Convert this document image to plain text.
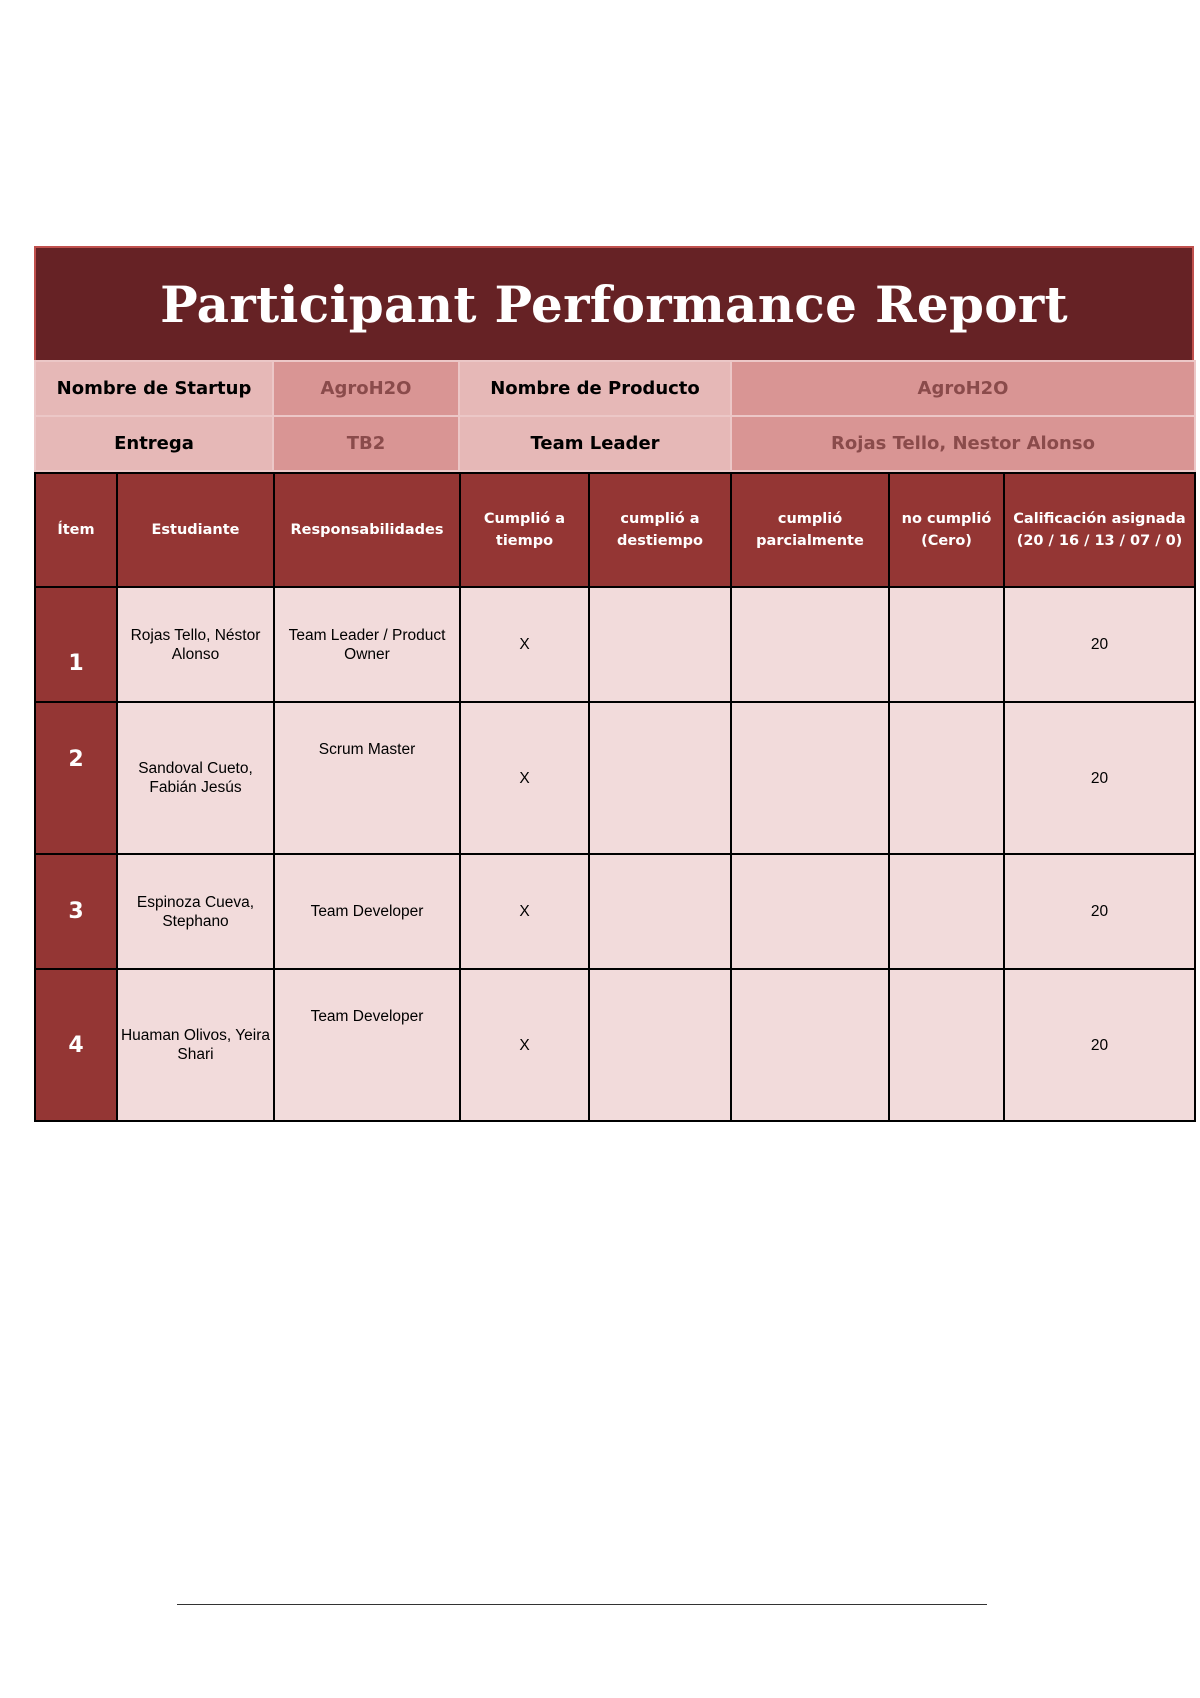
Participant Performance Report
Nombre de Startup	AgroH2O	Nombre de Producto	AgroH2O
Entrega	TB2	Team Leader	Rojas Tello, Nestor Alonso
Ítem	Estudiante	Responsabilidades	Cumplió a tiempo	cumplió a destiempo	cumplió parcialmente	no cumplió (Cero)	Calificación asignada (20 / 16 / 13 / 07 / 0)

1	Rojas Tello, Néstor Alonso	Team Leader / Product Owner	X				20

2	Sandoval Cueto, Fabián Jesús	Scrum Master	X				20

3	Espinoza Cueva, Stephano	Team Developer	X				20

4	Huaman Olivos, Yeira Shari	Team Developer	X				20
